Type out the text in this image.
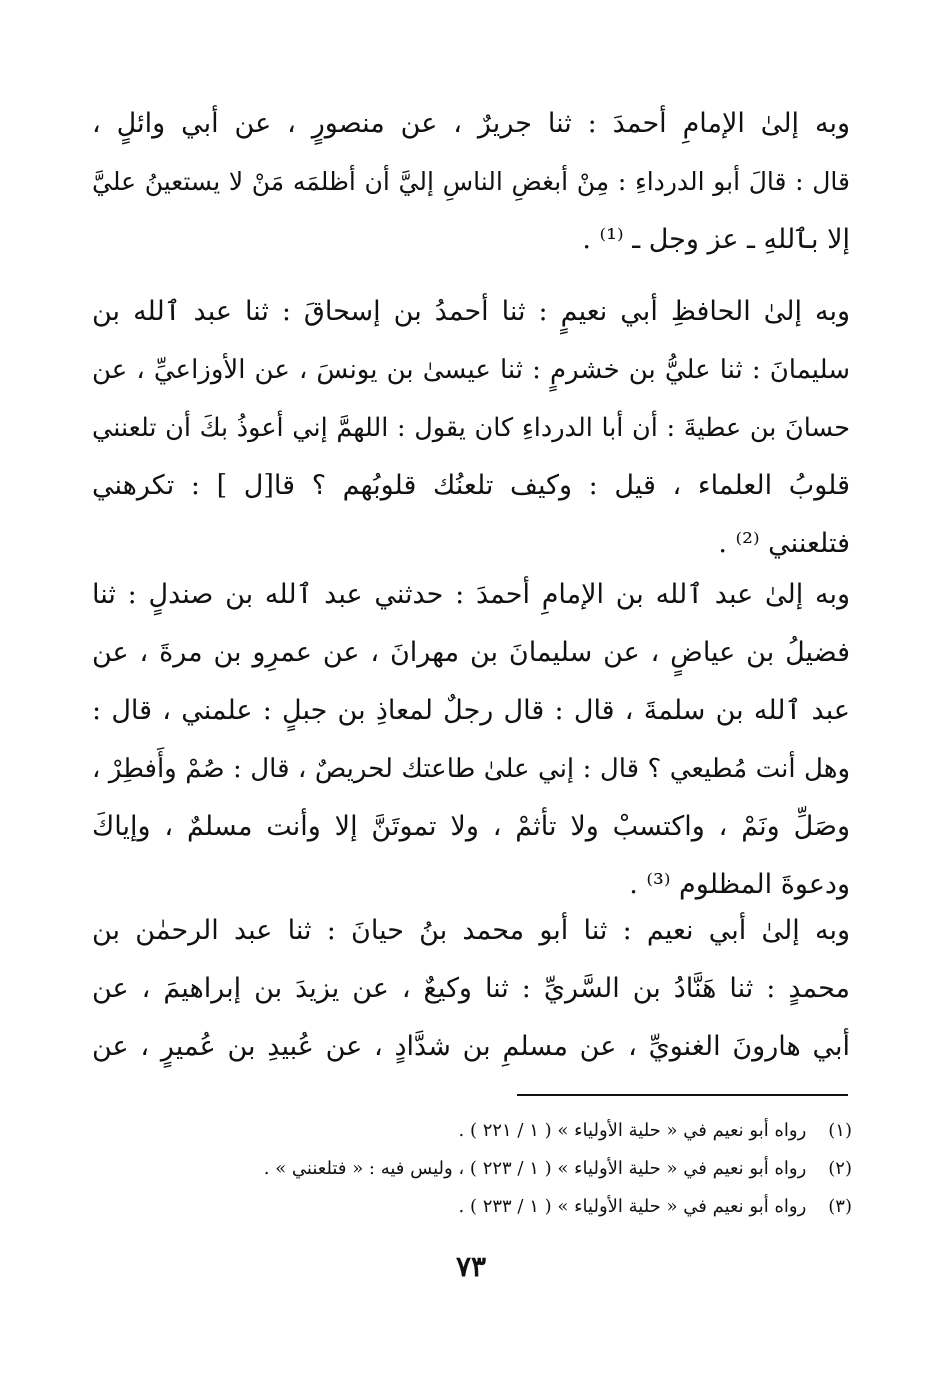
وبه إلىٰ الإمامِ أحمدَ : ثنا جريرٌ ، عن منصورٍ ، عن أبي وائلٍ ،
قال : قالَ أبو الدرداءِ : مِنْ أبغضِ الناسِ إليَّ أن أظلمَه مَنْ لا يستعينُ عليَّ
إلا بٱللهِ ـ عز وجل ـ ⁽¹⁾ .
وبه إلىٰ الحافظِ أبي نعيمٍ : ثنا أحمدُ بن إسحاقَ : ثنا عبد ٱلله بن
سليمانَ : ثنا عليُّ بن خشرمٍ : ثنا عيسىٰ بن يونسَ ، عن الأوزاعيِّ ، عن
حسانَ بن عطيةَ : أن أبا الدرداءِ كان يقول : اللهمَّ إني أعوذُ بكَ أن تلعنني
قلوبُ العلماء ، قيل : وكيف تلعنُك قلوبُهم ؟ قا[ل ] : تكرهني
فتلعنني ⁽²⁾ .
وبه إلىٰ عبد ٱلله بن الإمامِ أحمدَ : حدثني عبد ٱلله بن صندلٍ : ثنا
فضيلُ بن عياضٍ ، عن سليمانَ بن مهرانَ ، عن عمرِو بن مرةَ ، عن
عبد ٱلله بن سلمةَ ، قال : قال رجلٌ لمعاذِ بن جبلٍ : علمني ، قال :
وهل أنت مُطيعي ؟ قال : إني علىٰ طاعتك لحريصٌ ، قال : صُمْ وأَفطِرْ ،
وصَلِّ ونَمْ ، واكتسبْ ولا تأثمْ ، ولا تموتَنَّ إلا وأنت مسلمٌ ، وإياكَ
ودعوةَ المظلوم ⁽³⁾ .
وبه إلىٰ أبي نعيم : ثنا أبو محمد بنُ حيانَ : ثنا عبد الرحمٰن بن
محمدٍ : ثنا هَنَّادُ بن السَّريِّ : ثنا وكيعٌ ، عن يزيدَ بن إبراهيمَ ، عن
أبي هارونَ الغنويِّ ، عن مسلمِ بن شدَّادٍ ، عن عُبيدِ بن عُميرٍ ، عن
(١) رواه أبو نعيم في « حلية الأولياء » ( ١ / ٢٢١ ) .
(٢) رواه أبو نعيم في « حلية الأولياء » ( ١ / ٢٢٣ ) ، وليس فيه : « فتلعنني » .
(٣) رواه أبو نعيم في « حلية الأولياء » ( ١ / ٢٣٣ ) .
٧٣
